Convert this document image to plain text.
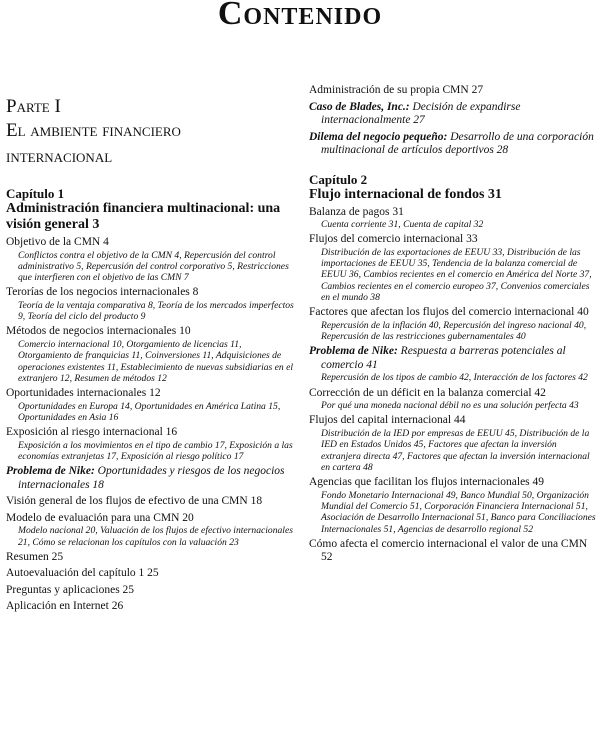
Contenido
Parte I
El ambiente financiero internacional
Capítulo 1
Administración financiera multinacional: una visión general 3
Objetivo de la CMN 4
Conflictos contra el objetivo de la CMN 4, Repercusión del control administrativo 5, Repercusión del control corporativo 5, Restricciones que interfieren con el objetivo de las CMN 7
Terorías de los negocios internacionales 8
Teoría de la ventaja comparativa 8, Teoría de los mercados imperfectos 9, Teoría del ciclo del producto 9
Métodos de negocios internacionales 10
Comercio internacional 10, Otorgamiento de licencias 11, Otorgamiento de franquicias 11, Coinversiones 11, Adquisiciones de operaciones existentes 11, Establecimiento de nuevas subsidiarias en el extranjero 12, Resumen de métodos 12
Oportunidades internacionales 12
Oportunidades en Europa 14, Oportunidades en América Latina 15, Oportunidades en Asia 16
Exposición al riesgo internacional 16
Exposición a los movimientos en el tipo de cambio 17, Exposición a las economías extranjetas 17, Exposición al riesgo político 17
Problema de Nike: Oportunidades y riesgos de los negocios internacionales 18
Visión general de los flujos de efectivo de una CMN 18
Modelo de evaluación para una CMN 20
Modelo nacional 20, Valuación de los flujos de efectivo internacionales 21, Cómo se relacionan los capítulos con la valuación 23
Resumen 25
Autoevaluación del capítulo 1 25
Preguntas y aplicaciones 25
Aplicación en Internet 26
Administración de su propia CMN 27
Caso de Blades, Inc.: Decisión de expandirse internacionalmente 27
Dilema del negocio pequeño: Desarrollo de una corporación multinacional de artículos deportivos 28
Capítulo 2
Flujo internacional de fondos 31
Balanza de pagos 31
Cuenta corriente 31, Cuenta de capital 32
Flujos del comercio internacional 33
Distribución de las exportaciones de EEUU 33, Distribución de las importaciones de EEUU 35, Tendencia de la balanza comercial de EEUU 36, Cambios recientes en el comercio en América del Norte 37, Cambios recientes en el comercio europeo 37, Convenios comerciales en el mundo 38
Factores que afectan los flujos del comercio internacional 40
Repercusión de la inflación 40, Repercusión del ingreso nacional 40, Repercusión de las restricciones gubernamentales 40
Problema de Nike: Respuesta a barreras potenciales al comercio 41
Repercusión de los tipos de cambio 42, Interacción de los factores 42
Corrección de un déficit en la balanza comercial 42
Por qué una moneda nacional débil no es una solución perfecta 43
Flujos del capital internacional 44
Distribución de la IED por empresas de EEUU 45, Distribución de la IED en Estados Unidos 45, Factores que afectan la inversión extranjera directa 47, Factores que afectan la inversión internacional en cartera 48
Agencias que facilitan los flujos internacionales 49
Fondo Monetario Internacional 49, Banco Mundial 50, Organización Mundial del Comercio 51, Corporación Financiera Internacional 51, Asociación de Desarrollo Internacional 51, Banco para Conciliaciones Internacionales 51, Agencias de desarrollo regional 52
Cómo afecta el comercio internacional el valor de una CMN 52
